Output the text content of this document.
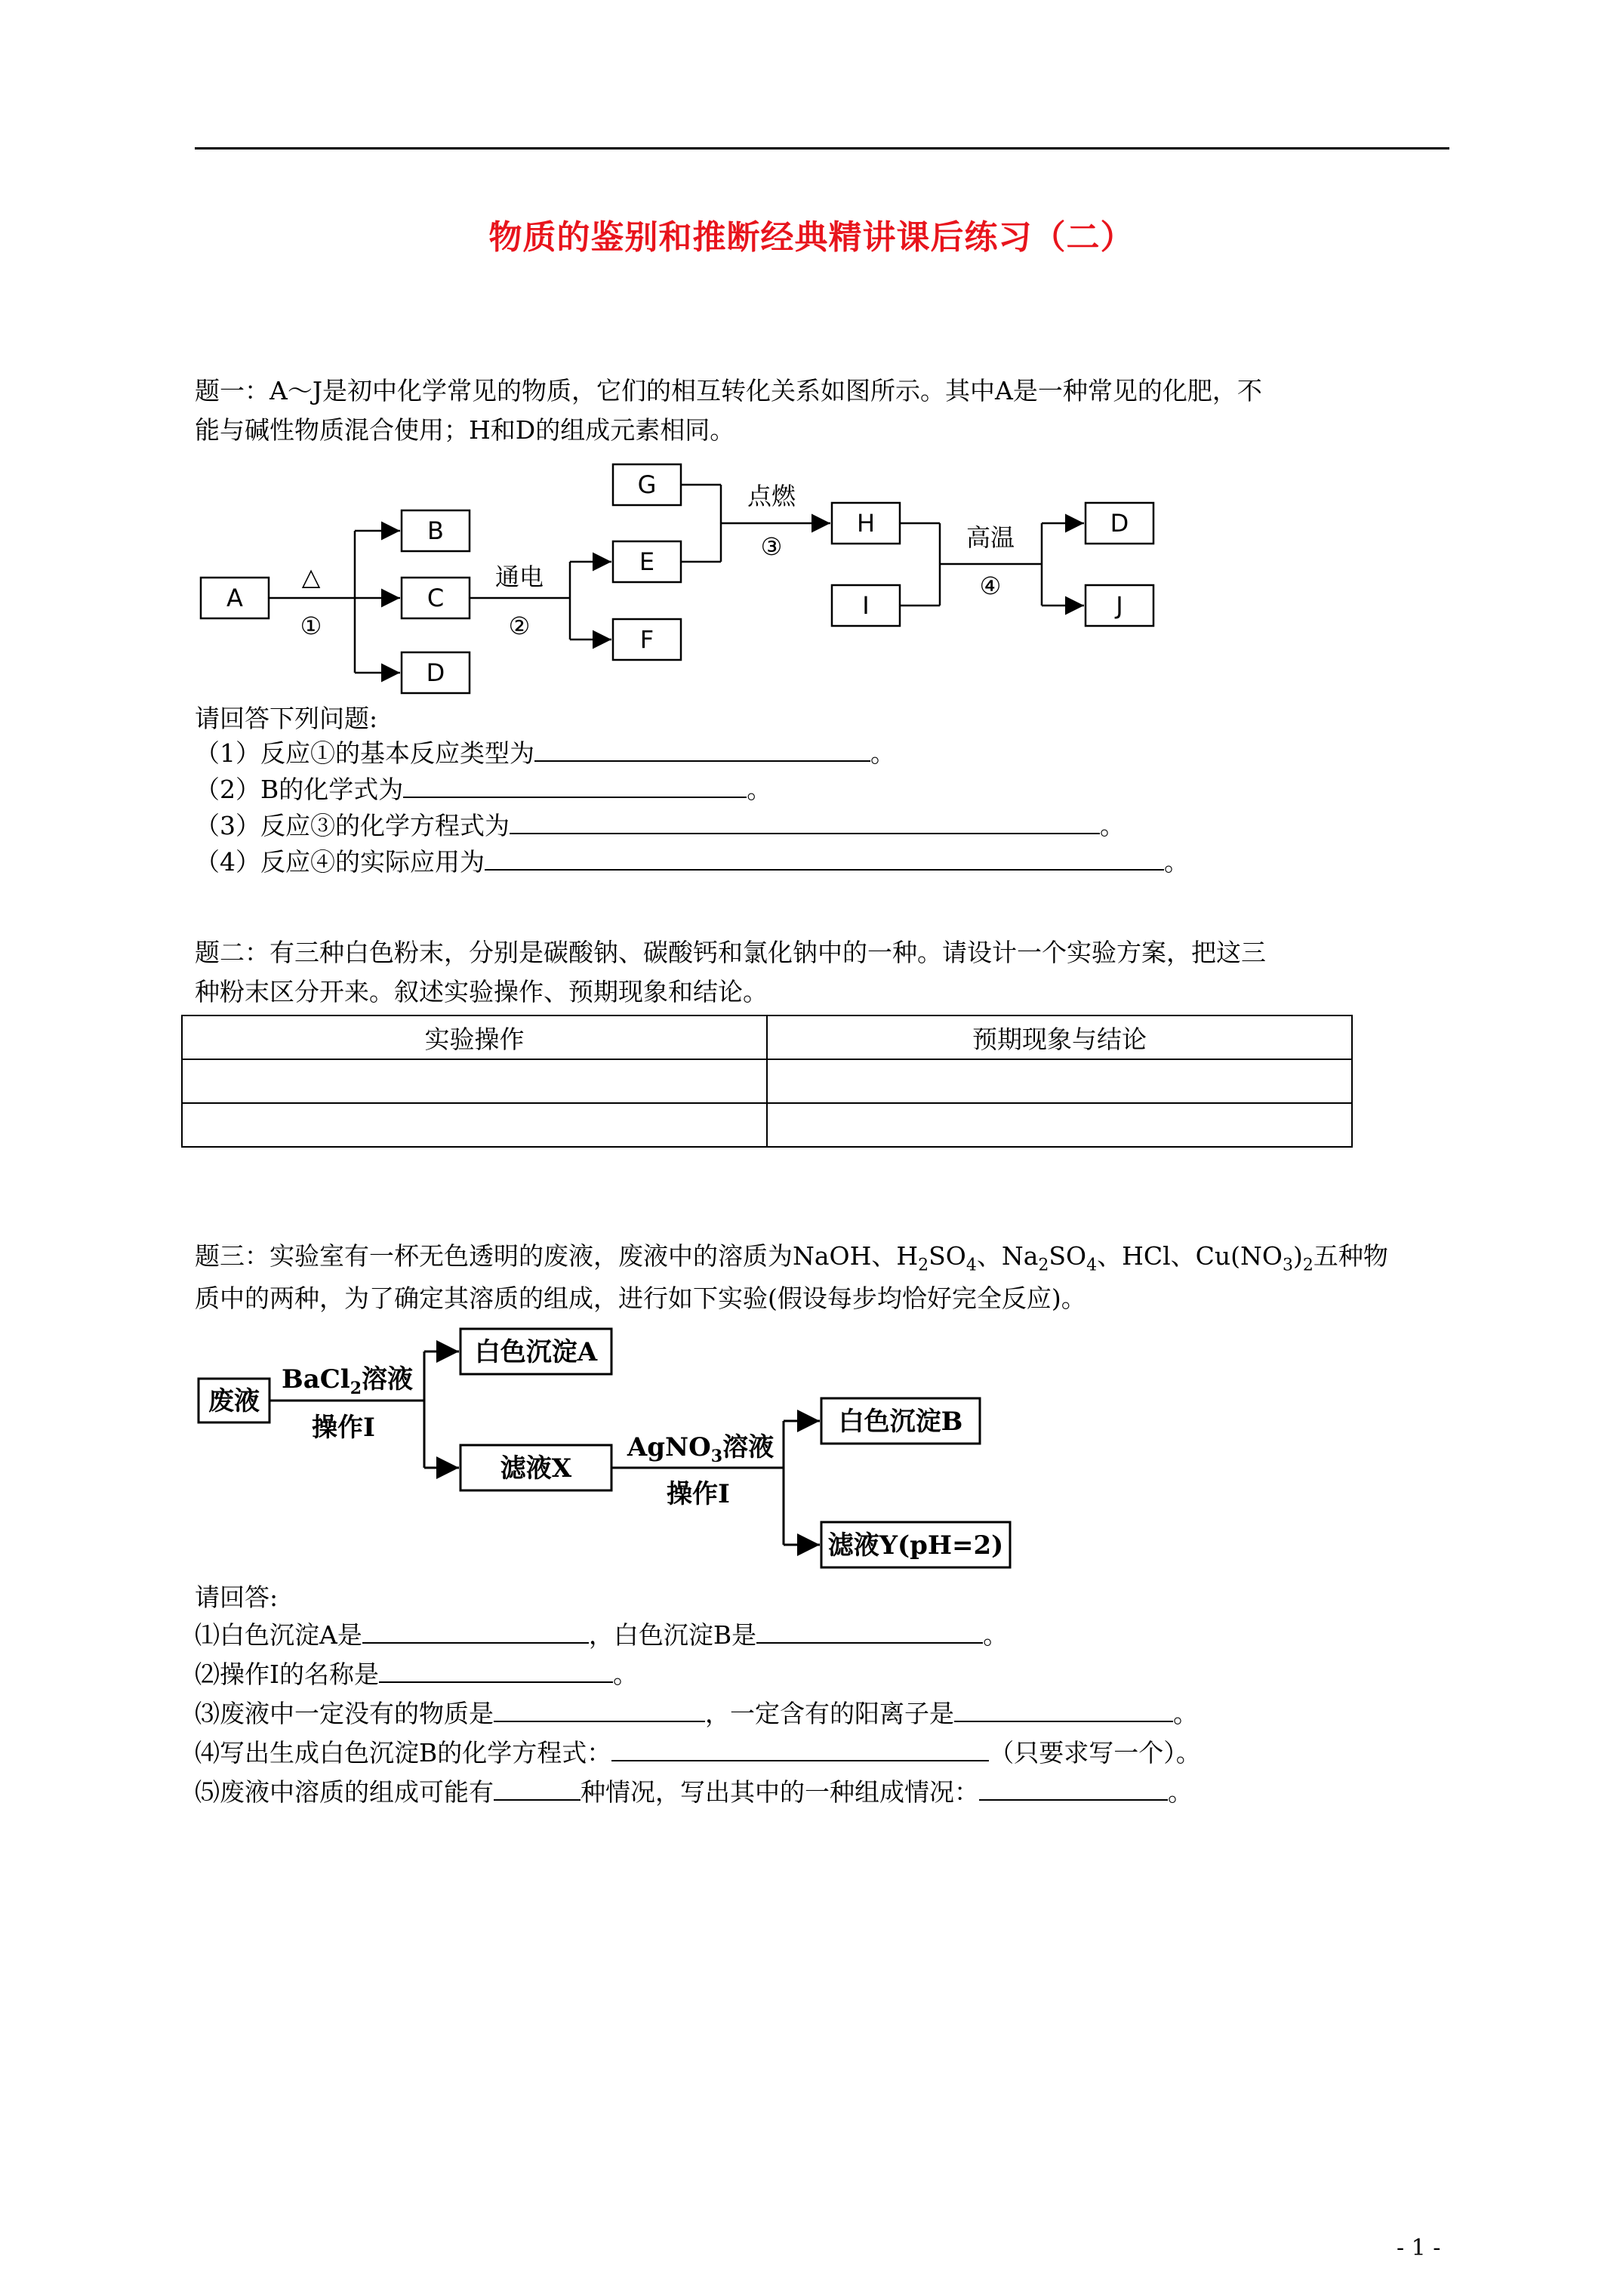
物质的鉴别和推断经典精讲课后练习（二）
题一：A～J是初中化学常见的物质，它们的相互转化关系如图所示。其中A是一种常见的化肥，不
能与碱性物质混合使用；H和D的组成元素相同。
A
B
C
D
G
E
F
H
I
D
J
△
①
通电
②
点燃
③	高温
④
请回答下列问题:
（1）反应①的基本反应类型为	。
（2）B的化学式为	。
（3）反应③的化学方程式为	。
（4）反应④的实际应用为	。
题二：有三种白色粉末，分别是碳酸钠、碳酸钙和氯化钠中的一种。请设计一个实验方案，把这三
种粉末区分开来。叙述实验操作、预期现象和结论。
实验操作	预期现象与结论

题三：实验室有一杯无色透明的废液，废液中的溶质为NaOH、$H_2SO_4$、$Na_2SO_4$、HCl、$Cu(NO_3)_2$五种物
质中的两种，为了确定其溶质的组成，进行如下实验(假设每步均恰好完全反应)。
废液
白色沉淀A
滤液X
白色沉淀B
滤液Y(pH=2)
BaCl$_2$溶液
操作Ⅰ
AgNO$_3$溶液
操作Ⅰ
请回答:
⑴白色沉淀A是	，白色沉淀B是	。
⑵操作Ⅰ的名称是	。
⑶废液中一定没有的物质是	，一定含有的阳离子是	。
⑷写出生成白色沉淀B的化学方程式：	（只要求写一个）。
⑸废液中溶质的组成可能有	种情况，写出其中的一种组成情况：	。
- 1 -
